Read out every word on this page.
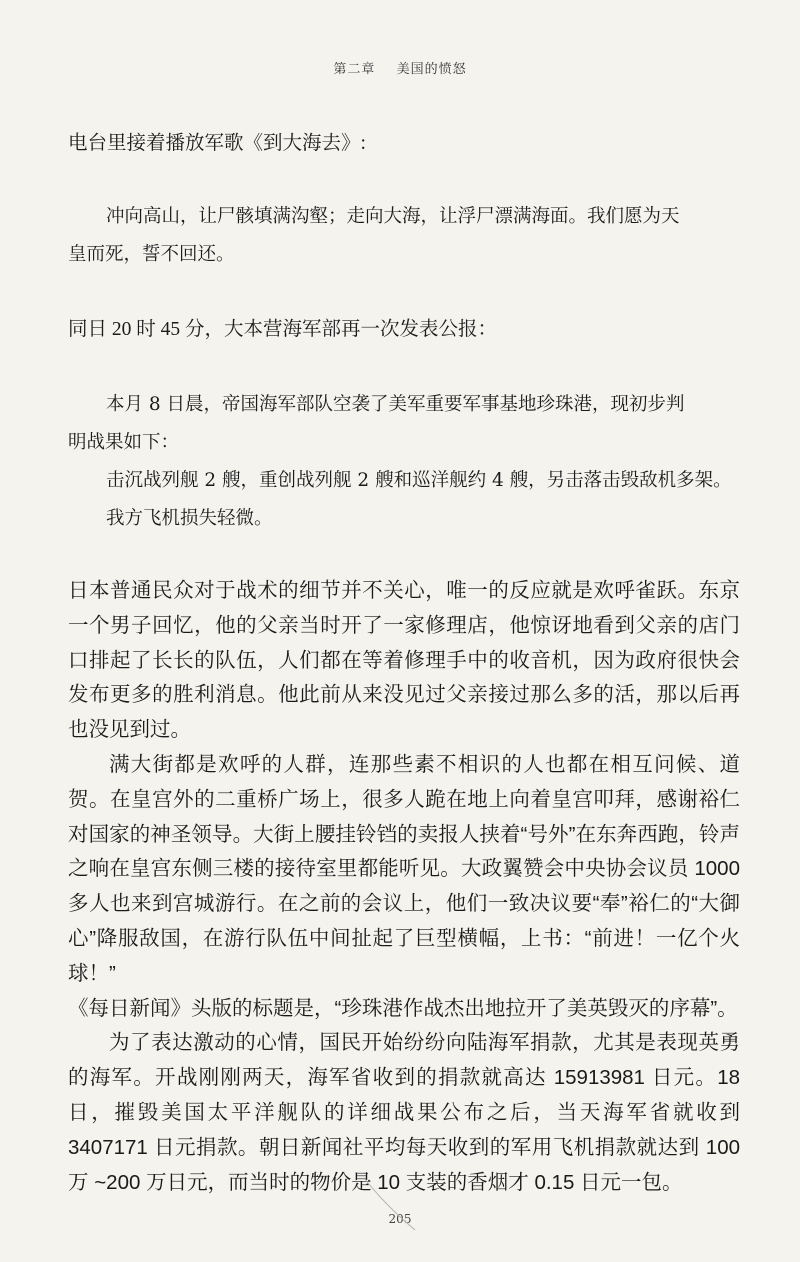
第二章 美国的愤怒
电台里接着播放军歌《到大海去》:
冲向高山，让尸骸填满沟壑；走向大海，让浮尸漂满海面。我们愿为天
皇而死，誓不回还。
同日 20 时 45 分，大本营海军部再一次发表公报：
本月 8 日晨，帝国海军部队空袭了美军重要军事基地珍珠港，现初步判
明战果如下：
击沉战列舰 2 艘，重创战列舰 2 艘和巡洋舰约 4 艘，另击落击毁敌机多架。
我方飞机损失轻微。

日本普通民众对于战术的细节并不关心，唯一的反应就是欢呼雀跃。东京一个男子回忆，他的父亲当时开了一家修理店，他惊讶地看到父亲的店门口排起了长长的队伍，人们都在等着修理手中的收音机，因为政府很快会发布更多的胜利消息。他此前从来没见过父亲接过那么多的活，那以后再也没见到过。

满大街都是欢呼的人群，连那些素不相识的人也都在相互问候、道贺。在皇宫外的二重桥广场上，很多人跪在地上向着皇宫叩拜，感谢裕仁对国家的神圣领导。大街上腰挂铃铛的卖报人挟着“号外”在东奔西跑，铃声之响在皇宫东侧三楼的接待室里都能听见。大政翼赞会中央协会议员 1000 多人也来到宫城游行。在之前的会议上，他们一致决议要“奉”裕仁的“大御心”降服敌国，在游行队伍中间扯起了巨型横幅，上书：“前进！一亿个火球！”

《每日新闻》头版的标题是，“珍珠港作战杰出地拉开了美英毁灭的序幕”。

为了表达激动的心情，国民开始纷纷向陆海军捐款，尤其是表现英勇的海军。开战刚刚两天，海军省收到的捐款就高达 15913981 日元。18 日，摧毁美国太平洋舰队的详细战果公布之后，当天海军省就收到 3407171 日元捐款。朝日新闻社平均每天收到的军用飞机捐款就达到 100 万 ~200 万日元，而当时的物价是 10 支装的香烟才 0.15 日元一包。

205
